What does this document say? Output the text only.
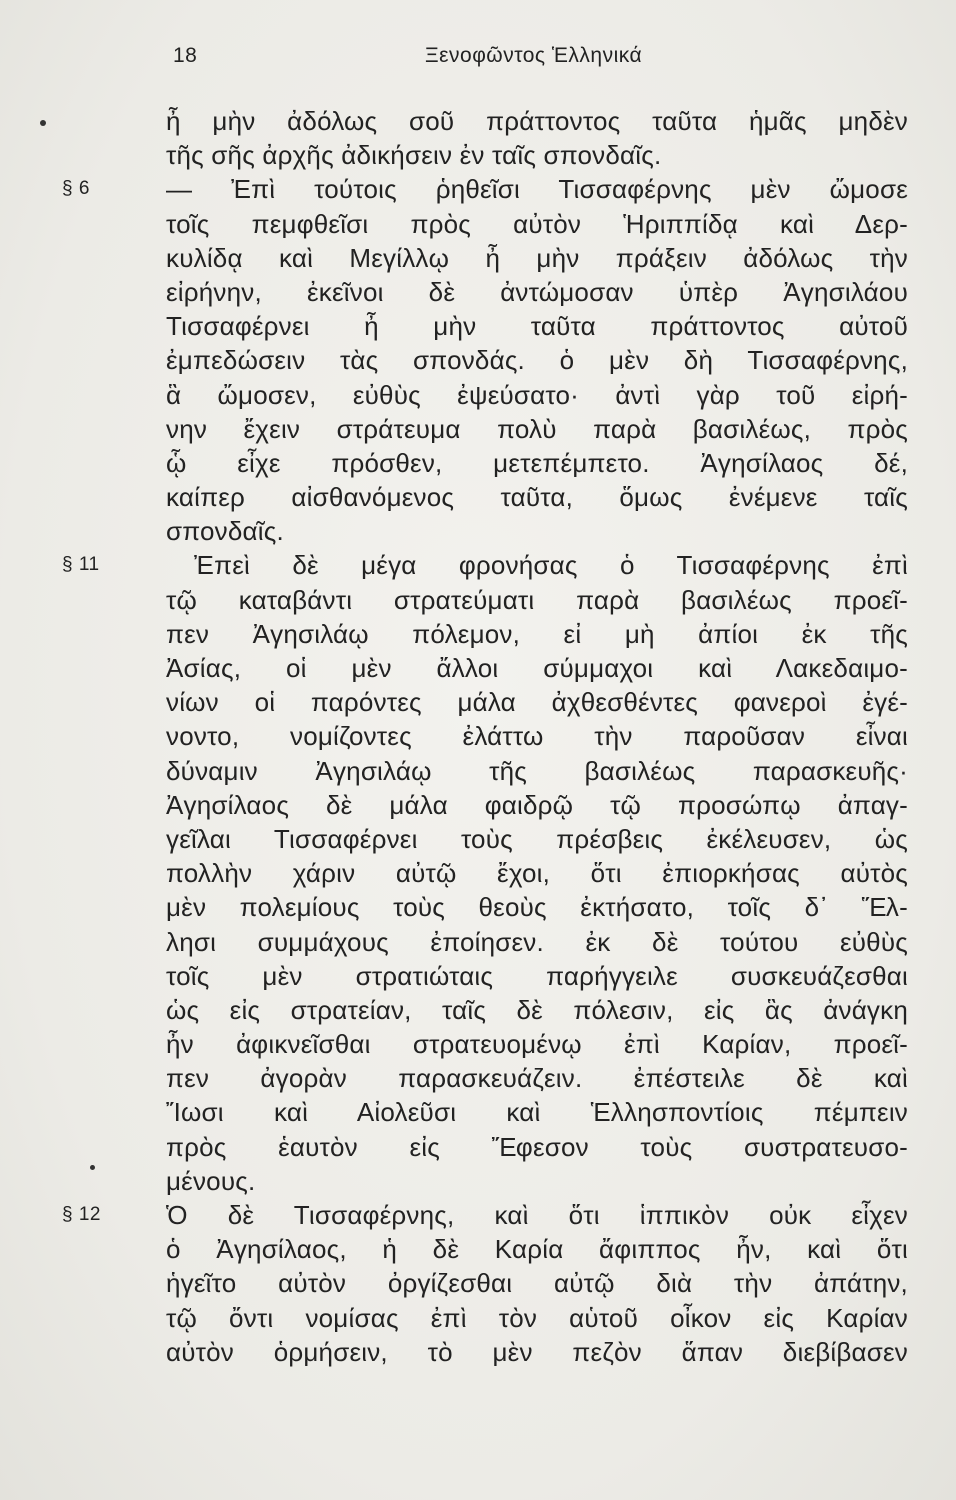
18	Ξενοφῶντος Ἑλληνικά
ἦ μὴν ἀδόλως σοῦ πράττοντος ταῦτα ἡμᾶς μηδὲν
τῆς σῆς ἀρχῆς ἀδικήσειν ἐν ταῖς σπονδαῖς.
§ 6	— Ἐπὶ τούτοις ῥηθεῖσι Τισσαφέρνης μὲν ὤμοσε
τοῖς πεμφθεῖσι πρὸς αὐτὸν Ἡριππίδᾳ καὶ Δερ-
κυλίδᾳ καὶ Μεγίλλῳ ἦ μὴν πράξειν ἀδόλως τὴν
εἰρήνην, ἐκεῖνοι δὲ ἀντώμοσαν ὑπὲρ Ἀγησιλάου
Τισσαφέρνει ἦ μὴν ταῦτα πράττοντος αὐτοῦ
ἐμπεδώσειν τὰς σπονδάς. ὁ μὲν δὴ Τισσαφέρνης,
ἃ ὤμοσεν, εὐθὺς ἐψεύσατο· ἀντὶ γὰρ τοῦ εἰρή-
νην ἔχειν στράτευμα πολὺ παρὰ βασιλέως, πρὸς
ᾧ εἶχε πρόσθεν, μετεπέμπετο. Ἀγησίλαος δέ,
καίπερ αἰσθανόμενος ταῦτα, ὅμως ἐνέμενε ταῖς
σπονδαῖς.
§ 11	Ἐπεὶ δὲ μέγα φρονήσας ὁ Τισσαφέρνης ἐπὶ
τῷ καταβάντι στρατεύματι παρὰ βασιλέως προεῖ-
πεν Ἀγησιλάῳ πόλεμον, εἰ μὴ ἀπίοι ἐκ τῆς
Ἀσίας, οἱ μὲν ἄλλοι σύμμαχοι καὶ Λακεδαιμο-
νίων οἱ παρόντες μάλα ἀχθεσθέντες φανεροὶ ἐγέ-
νοντο, νομίζοντες ἐλάττω τὴν παροῦσαν εἶναι
δύναμιν Ἀγησιλάῳ τῆς βασιλέως παρασκευῆς·
Ἀγησίλαος δὲ μάλα φαιδρῷ τῷ προσώπῳ ἀπαγ-
γεῖλαι Τισσαφέρνει τοὺς πρέσβεις ἐκέλευσεν, ὡς
πολλὴν χάριν αὐτῷ ἔχοι, ὅτι ἐπιορκήσας αὐτὸς
μὲν πολεμίους τοὺς θεοὺς ἐκτήσατο, τοῖς δ᾽ Ἕλ-
λησι συμμάχους ἐποίησεν. ἐκ δὲ τούτου εὐθὺς
τοῖς μὲν στρατιώταις παρήγγειλε συσκευάζεσθαι
ὡς εἰς στρατείαν, ταῖς δὲ πόλεσιν, εἰς ἃς ἀνάγκη
ἦν ἀφικνεῖσθαι στρατευομένῳ ἐπὶ Καρίαν, προεῖ-
πεν ἀγορὰν παρασκευάζειν. ἐπέστειλε δὲ καὶ
Ἴωσι καὶ Αἰολεῦσι καὶ Ἑλλησποντίοις πέμπειν
πρὸς ἑαυτὸν εἰς Ἔφεσον τοὺς συστρατευσο-
μένους.
§ 12	Ὁ δὲ Τισσαφέρνης, καὶ ὅτι ἱππικὸν οὐκ εἶχεν
ὁ Ἀγησίλαος, ἡ δὲ Καρία ἄφιππος ἦν, καὶ ὅτι
ἡγεῖτο αὐτὸν ὀργίζεσθαι αὐτῷ διὰ τὴν ἀπάτην,
τῷ ὄντι νομίσας ἐπὶ τὸν αὑτοῦ οἶκον εἰς Καρίαν
αὐτὸν ὁρμήσειν, τὸ μὲν πεζὸν ἅπαν διεβίβασεν
